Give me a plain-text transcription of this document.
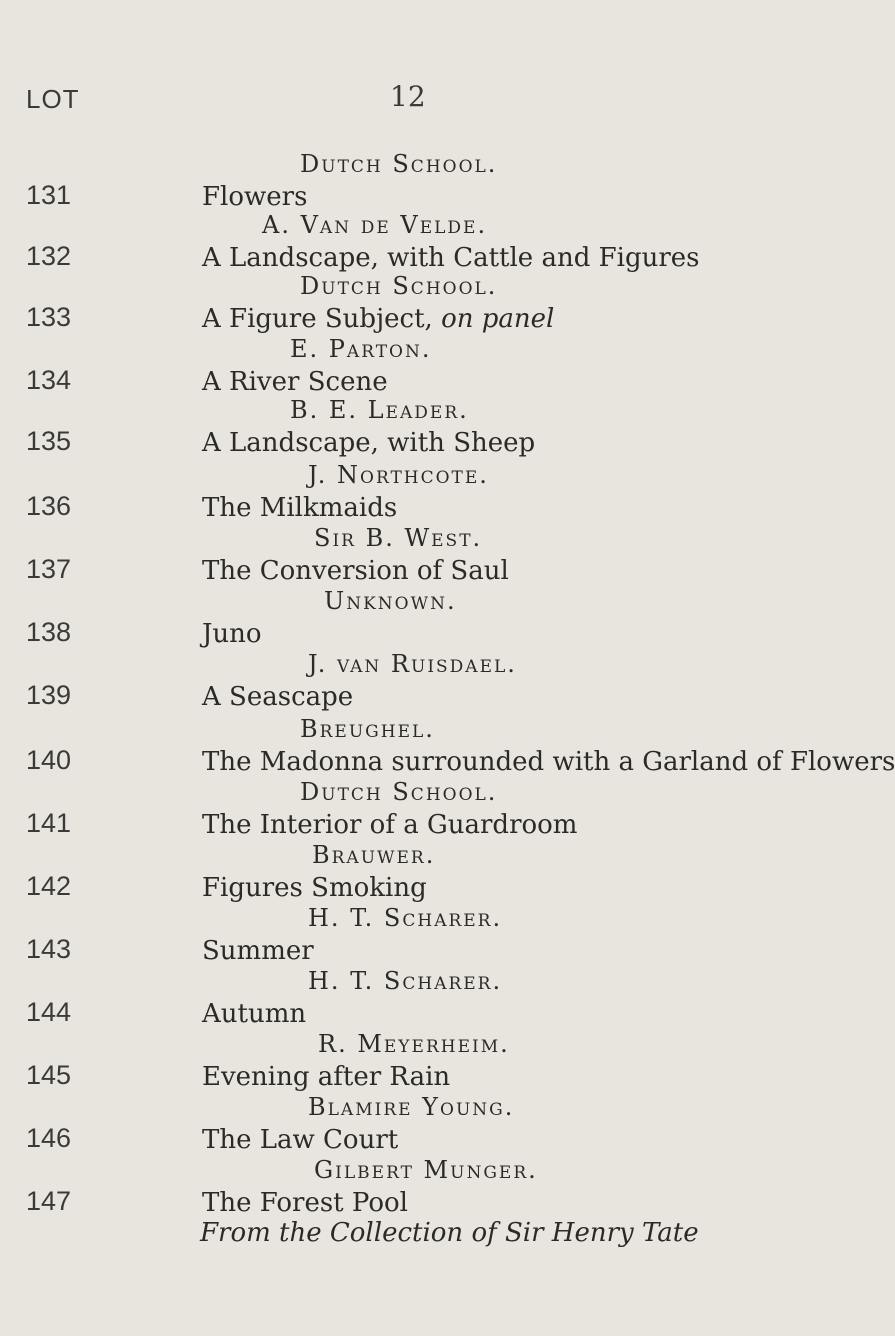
LOT	12
131
Dutch School.
Flowers
132
A. Van de Velde.
A Landscape, with Cattle and Figures
133
Dutch School.
A Figure Subject, on panel
134
E. Parton.
A River Scene
135
B. E. Leader.
A Landscape, with Sheep
136
J. Northcote.
The Milkmaids
137
Sir B. West.
The Conversion of Saul
138
Unknown.
Juno
139
J. van Ruisdael.
A Seascape
140
Breughel.
The Madonna surrounded with a Garland of Flowers
141
Dutch School.
The Interior of a Guardroom
142
Brauwer.
Figures Smoking
143
H. T. Scharer.
Summer
144
H. T. Scharer.
Autumn
145
R. Meyerheim.
Evening after Rain
146
Blamire Young.
The Law Court
147
Gilbert Munger.
The Forest Pool
From the Collection of Sir Henry Tate
